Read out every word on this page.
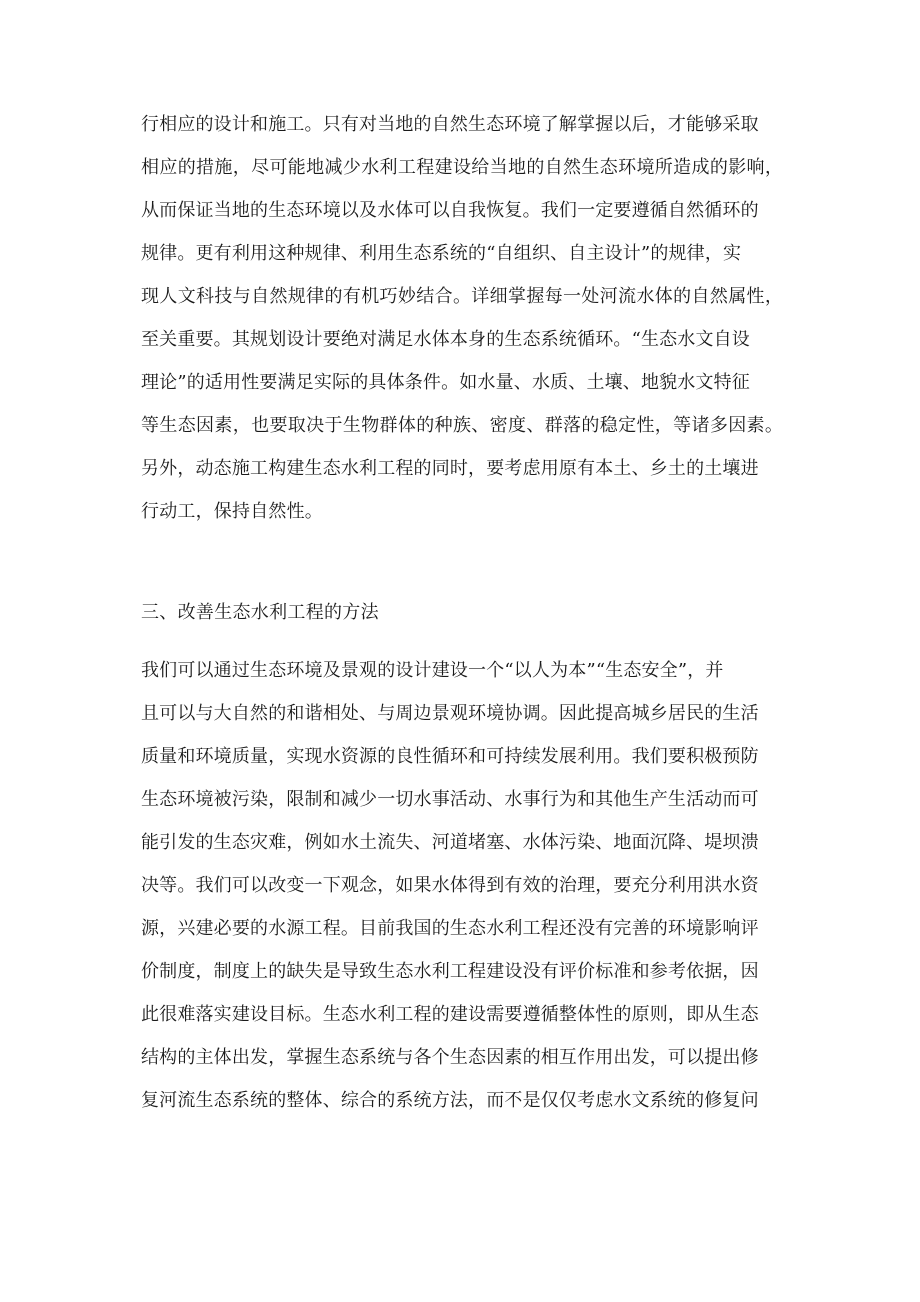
行相应的设计和施工。只有对当地的自然生态环境了解掌握以后，才能够采取
相应的措施，尽可能地减少水利工程建设给当地的自然生态环境所造成的影响，
从而保证当地的生态环境以及水体可以自我恢复。我们一定要遵循自然循环的
规律。更有利用这种规律、利用生态系统的“自组织、自主设计”的规律，实
现人文科技与自然规律的有机巧妙结合。详细掌握每一处河流水体的自然属性，
至关重要。其规划设计要绝对满足水体本身的生态系统循环。“生态水文自设
理论”的适用性要满足实际的具体条件。如水量、水质、土壤、地貌水文特征
等生态因素，也要取决于生物群体的种族、密度、群落的稳定性，等诸多因素。
另外，动态施工构建生态水利工程的同时，要考虑用原有本土、乡土的土壤进
行动工，保持自然性。
三、改善生态水利工程的方法
我们可以通过生态环境及景观的设计建设一个“以人为本”“生态安全”，并
且可以与大自然的和谐相处、与周边景观环境协调。因此提高城乡居民的生活
质量和环境质量，实现水资源的良性循环和可持续发展利用。我们要积极预防
生态环境被污染，限制和减少一切水事活动、水事行为和其他生产生活动而可
能引发的生态灾难，例如水土流失、河道堵塞、水体污染、地面沉降、堤坝溃
决等。我们可以改变一下观念，如果水体得到有效的治理，要充分利用洪水资
源，兴建必要的水源工程。目前我国的生态水利工程还没有完善的环境影响评
价制度，制度上的缺失是导致生态水利工程建设没有评价标准和参考依据，因
此很难落实建设目标。生态水利工程的建设需要遵循整体性的原则，即从生态
结构的主体出发，掌握生态系统与各个生态因素的相互作用出发，可以提出修
复河流生态系统的整体、综合的系统方法，而不是仅仅考虑水文系统的修复问
